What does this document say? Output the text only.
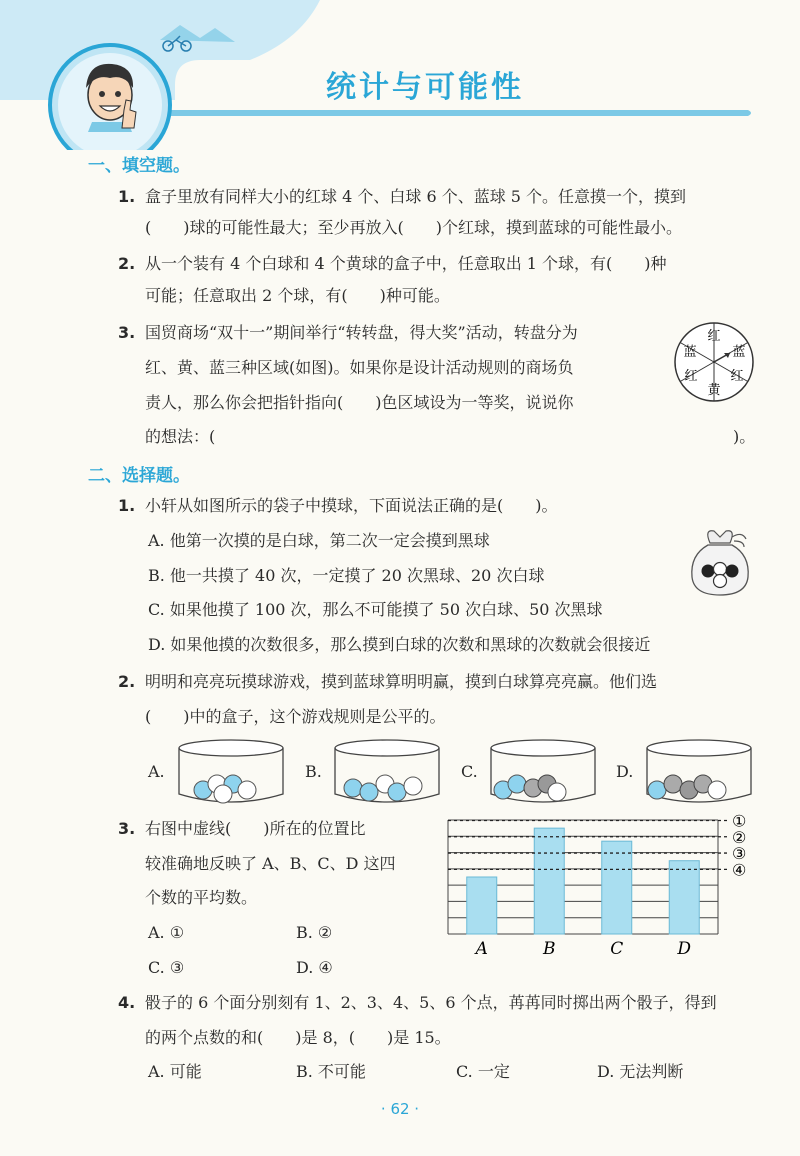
统计与可能性
一、填空题。
1. 盒子里放有同样大小的红球 4 个、白球 6 个、蓝球 5 个。任意摸一个，摸到
(　　)球的可能性最大；至少再放入(　　)个红球，摸到蓝球的可能性最小。
2. 从一个装有 4 个白球和 4 个黄球的盒子中，任意取出 1 个球，有(　　)种
可能；任意取出 2 个球，有(　　)种可能。
3. 国贸商场“双十一”期间举行“转转盘，得大奖”活动，转盘分为
红、黄、蓝三种区域(如图)。如果你是设计活动规则的商场负
责人，那么你会把指针指向(　　)色区域设为一等奖，说说你
的想法：(	)。
红
蓝
红
黄
红
蓝
二、选择题。
1. 小轩从如图所示的袋子中摸球，下面说法正确的是(　　)。
A. 他第一次摸的是白球，第二次一定会摸到黑球
B. 他一共摸了 40 次，一定摸了 20 次黑球、20 次白球
C. 如果他摸了 100 次，那么不可能摸了 50 次白球、50 次黑球
D. 如果他摸的次数很多，那么摸到白球的次数和黑球的次数就会很接近
2. 明明和亮亮玩摸球游戏，摸到蓝球算明明赢，摸到白球算亮亮赢。他们选
(　　)中的盒子，这个游戏规则是公平的。
A.	B.	C.	D.
3. 右图中虚线(　　)所在的位置比
较准确地反映了 A、B、C、D 这四
个数的平均数。
A. ①	B. ②
C. ③	D. ④
①
②
③
④
A	B	C	D
4. 骰子的 6 个面分别刻有 1、2、3、4、5、6 个点，苒苒同时掷出两个骰子，得到
的两个点数的和(　　)是 8，(　　)是 15。
A. 可能	B. 不可能	C. 一定	D. 无法判断
· 62 ·
